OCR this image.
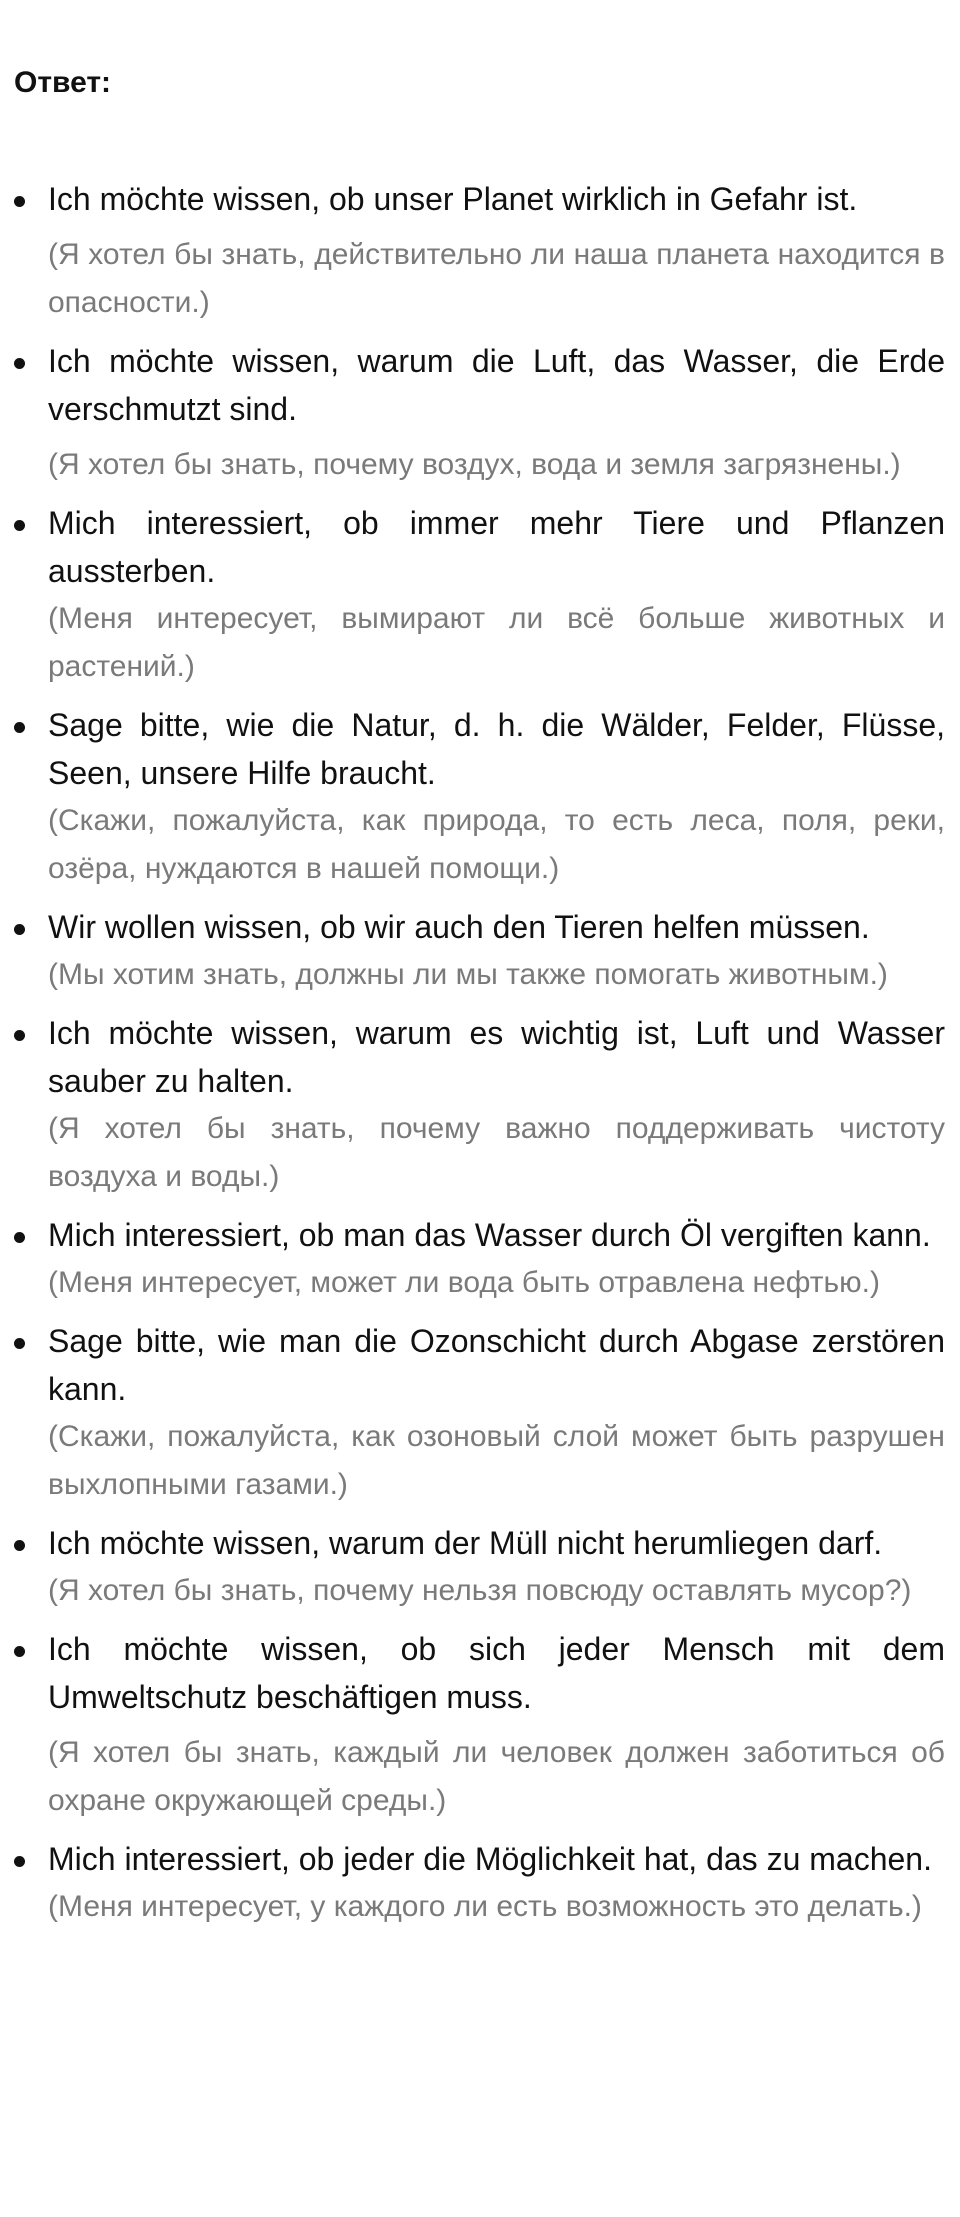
Ответ:

Ich möchte wissen, ob unser Planet wirklich in Gefahr ist.

(Я хотел бы знать, действительно ли наша планета находится в опасности.)

Ich möchte wissen, warum die Luft, das Wasser, die Erde verschmutzt sind.

(Я хотел бы знать, почему воздух, вода и земля загрязнены.)

Mich interessiert, ob immer mehr Tiere und Pflanzen aussterben.

(Меня интересует, вымирают ли всё больше животных и растений.)

Sage bitte, wie die Natur, d. h. die Wälder, Felder, Flüsse, Seen, unsere Hilfe braucht.

(Скажи, пожалуйста, как природа, то есть леса, поля, реки, озёра, нуждаются в нашей помощи.)

Wir wollen wissen, ob wir auch den Tieren helfen müssen.

(Мы хотим знать, должны ли мы также помогать животным.)

Ich möchte wissen, warum es wichtig ist, Luft und Wasser sauber zu halten.

(Я хотел бы знать, почему важно поддерживать чистоту воздуха и воды.)

Mich interessiert, ob man das Wasser durch Öl vergiften kann.

(Меня интересует, может ли вода быть отравлена нефтью.)

Sage bitte, wie man die Ozonschicht durch Abgase zerstören kann.

(Скажи, пожалуйста, как озоновый слой может быть разрушен выхлопными газами.)

Ich möchte wissen, warum der Müll nicht herumliegen darf.

(Я хотел бы знать, почему нельзя повсюду оставлять мусор?)

Ich möchte wissen, ob sich jeder Mensch mit dem Umweltschutz beschäftigen muss.

(Я хотел бы знать, каждый ли человек должен заботиться об охране окружающей среды.)

Mich interessiert, ob jeder die Möglichkeit hat, das zu machen.

(Меня интересует, у каждого ли есть возможность это делать.)
